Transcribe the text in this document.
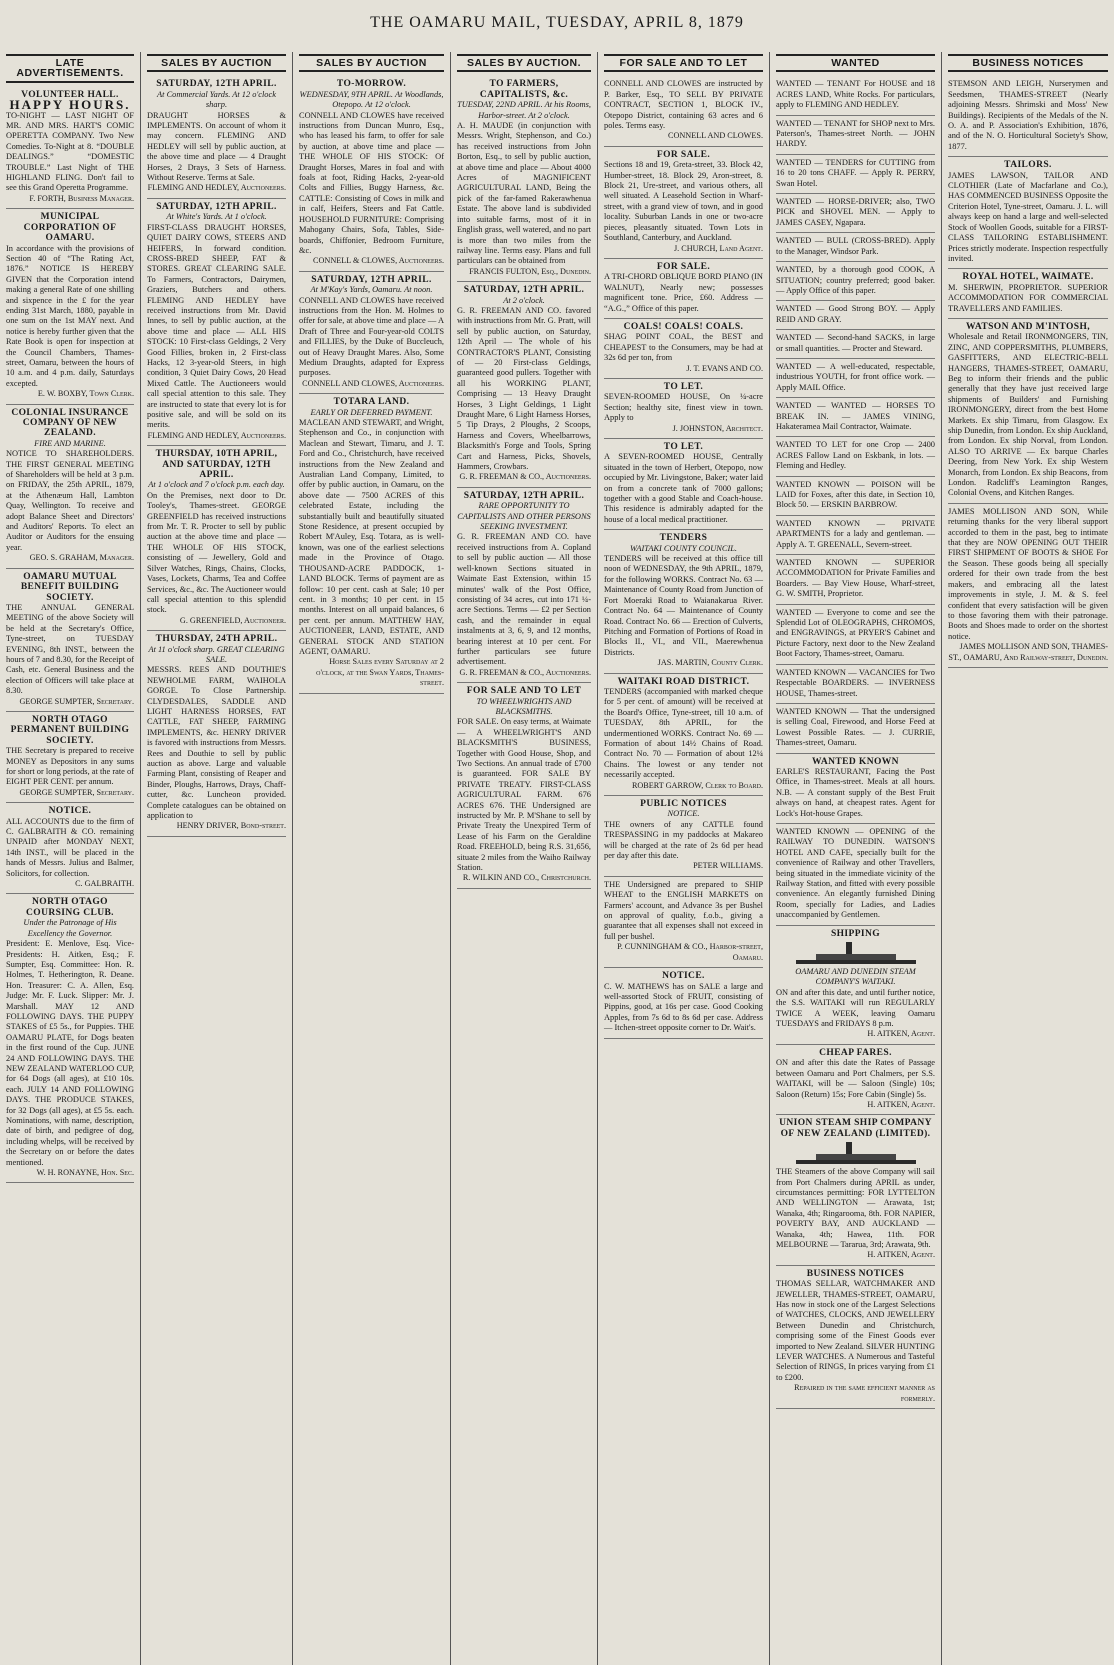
THE OAMARU MAIL, TUESDAY, APRIL 8, 1879
LATE ADVERTISEMENTS.
VOLUNTEER HALL.
HAPPY HOURS.
TO-NIGHT — LAST NIGHT OF MR. AND MRS. HART'S COMIC OPERETTA COMPANY. Two New Comedies. To-Night at 8. “DOUBLE DEALINGS.” “DOMESTIC TROUBLE.” Last Night of THE HIGHLAND FLING. Don't fail to see this Grand Operetta Programme.
F. FORTH, Business Manager.
MUNICIPAL CORPORATION OF OAMARU.
In accordance with the provisions of Section 40 of “The Rating Act, 1876.” NOTICE IS HEREBY GIVEN that the Corporation intend making a general Rate of one shilling and sixpence in the £ for the year ending 31st March, 1880, payable in one sum on the 1st MAY next. And notice is hereby further given that the Rate Book is open for inspection at the Council Chambers, Thames-street, Oamaru, between the hours of 10 a.m. and 4 p.m. daily, Saturdays excepted.
E. W. BOXBY, Town Clerk.
COLONIAL INSURANCE COMPANY OF NEW ZEALAND.
FIRE AND MARINE.
NOTICE TO SHAREHOLDERS. THE FIRST GENERAL MEETING of Shareholders will be held at 3 p.m. on FRIDAY, the 25th APRIL, 1879, at the Athenæum Hall, Lambton Quay, Wellington. To receive and adopt Balance Sheet and Directors' and Auditors' Reports. To elect an Auditor or Auditors for the ensuing year.
GEO. S. GRAHAM, Manager.
OAMARU MUTUAL BENEFIT BUILDING SOCIETY.
THE ANNUAL GENERAL MEETING of the above Society will be held at the Secretary's Office, Tyne-street, on TUESDAY EVENING, 8th INST., between the hours of 7 and 8.30, for the Receipt of Cash, etc. General Business and the election of Officers will take place at 8.30.
GEORGE SUMPTER, Secretary.
NORTH OTAGO PERMANENT BUILDING SOCIETY.
THE Secretary is prepared to receive MONEY as Depositors in any sums for short or long periods, at the rate of EIGHT PER CENT. per annum.
GEORGE SUMPTER, Secretary.
NOTICE.
ALL ACCOUNTS due to the firm of C. GALBRAITH & CO. remaining UNPAID after MONDAY NEXT, 14th INST., will be placed in the hands of Messrs. Julius and Balmer, Solicitors, for collection.
C. GALBRAITH.
NORTH OTAGO COURSING CLUB.
Under the Patronage of His Excellency the Governor.
President: E. Menlove, Esq. Vice-Presidents: H. Aitken, Esq.; F. Sumpter, Esq. Committee: Hon. R. Holmes, T. Hetherington, R. Deane. Hon. Treasurer: C. A. Allen, Esq. Judge: Mr. F. Luck. Slipper: Mr. J. Marshall. MAY 12 AND FOLLOWING DAYS. THE PUPPY STAKES of £5 5s., for Puppies. THE OAMARU PLATE, for Dogs beaten in the first round of the Cup. JUNE 24 AND FOLLOWING DAYS. THE NEW ZEALAND WATERLOO CUP, for 64 Dogs (all ages), at £10 10s. each. JULY 14 AND FOLLOWING DAYS. THE PRODUCE STAKES, for 32 Dogs (all ages), at £5 5s. each. Nominations, with name, description, date of birth, and pedigree of dog, including whelps, will be received by the Secretary on or before the dates mentioned.
W. H. RONAYNE, Hon. Sec.
SALES BY AUCTION
SATURDAY, 12TH APRIL.
At Commercial Yards. At 12 o'clock sharp.
DRAUGHT HORSES & IMPLEMENTS. On account of whom it may concern. FLEMING AND HEDLEY will sell by public auction, at the above time and place — 4 Draught Horses, 2 Drays, 3 Sets of Harness. Without Reserve. Terms at Sale.
FLEMING AND HEDLEY, Auctioneers.
SATURDAY, 12TH APRIL.
At White's Yards. At 1 o'clock.
FIRST-CLASS DRAUGHT HORSES, QUIET DAIRY COWS, STEERS AND HEIFERS, In forward condition. CROSS-BRED SHEEP, FAT & STORES. GREAT CLEARING SALE. To Farmers, Contractors, Dairymen, Graziers, Butchers and others. FLEMING AND HEDLEY have received instructions from Mr. David Innes, to sell by public auction, at the above time and place — ALL HIS STOCK: 10 First-class Geldings, 2 Very Good Fillies, broken in, 2 First-class Hacks, 12 3-year-old Steers, in high condition, 3 Quiet Dairy Cows, 20 Head Mixed Cattle. The Auctioneers would call special attention to this sale. They are instructed to state that every lot is for positive sale, and will be sold on its merits.
FLEMING AND HEDLEY, Auctioneers.
THURSDAY, 10TH APRIL, AND SATURDAY, 12TH APRIL.
At 1 o'clock and 7 o'clock p.m. each day.
On the Premises, next door to Dr. Tooley's, Thames-street. GEORGE GREENFIELD has received instructions from Mr. T. R. Procter to sell by public auction at the above time and place — THE WHOLE OF HIS STOCK, consisting of — Jewellery, Gold and Silver Watches, Rings, Chains, Clocks, Vases, Lockets, Charms, Tea and Coffee Services, &c., &c. The Auctioneer would call special attention to this splendid stock.
G. GREENFIELD, Auctioneer.
THURSDAY, 24TH APRIL.
At 11 o'clock sharp. GREAT CLEARING SALE.
MESSRS. REES AND DOUTHIE'S NEWHOLME FARM, WAIHOLA GORGE. To Close Partnership. CLYDESDALES, SADDLE AND LIGHT HARNESS HORSES, FAT CATTLE, FAT SHEEP, FARMING IMPLEMENTS, &c. HENRY DRIVER is favored with instructions from Messrs. Rees and Douthie to sell by public auction as above. Large and valuable Farming Plant, consisting of Reaper and Binder, Ploughs, Harrows, Drays, Chaff-cutter, &c. Luncheon provided. Complete catalogues can be obtained on application to
HENRY DRIVER, Bond-street.
SALES BY AUCTION
TO-MORROW.
WEDNESDAY, 9TH APRIL. At Woodlands, Otepopo. At 12 o'clock.
CONNELL AND CLOWES have received instructions from Duncan Munro, Esq., who has leased his farm, to offer for sale by auction, at above time and place — THE WHOLE OF HIS STOCK: Of Draught Horses, Mares in foal and with foals at foot, Riding Hacks, 2-year-old Colts and Fillies, Buggy Harness, &c. CATTLE: Consisting of Cows in milk and in calf, Heifers, Steers and Fat Cattle. HOUSEHOLD FURNITURE: Comprising Mahogany Chairs, Sofa, Tables, Side-boards, Chiffonier, Bedroom Furniture, &c.
CONNELL & CLOWES, Auctioneers.
SATURDAY, 12TH APRIL.
At M'Kay's Yards, Oamaru. At noon.
CONNELL AND CLOWES have received instructions from the Hon. M. Holmes to offer for sale, at above time and place — A Draft of Three and Four-year-old COLTS and FILLIES, by the Duke of Buccleuch, out of Heavy Draught Mares. Also, Some Medium Draughts, adapted for Express purposes.
CONNELL AND CLOWES, Auctioneers.
TOTARA LAND.
EARLY OR DEFERRED PAYMENT.
MACLEAN AND STEWART, and Wright, Stephenson and Co., in conjunction with Maclean and Stewart, Timaru, and J. T. Ford and Co., Christchurch, have received instructions from the New Zealand and Australian Land Company, Limited, to offer by public auction, in Oamaru, on the above date — 7500 ACRES of this celebrated Estate, including the substantially built and beautifully situated Stone Residence, at present occupied by Robert M'Auley, Esq. Totara, as is well-known, was one of the earliest selections made in the Province of Otago. THOUSAND-ACRE PADDOCK, 1-LAND BLOCK. Terms of payment are as follow: 10 per cent. cash at Sale; 10 per cent. in 3 months; 10 per cent. in 15 months. Interest on all unpaid balances, 6 per cent. per annum. MATTHEW HAY, AUCTIONEER, LAND, ESTATE, AND GENERAL STOCK AND STATION AGENT, OAMARU.
Horse Sales every Saturday at 2 o'clock, at the Swan Yards, Thames-street.
SALES BY AUCTION.
TO FARMERS, CAPITALISTS, &c.
TUESDAY, 22ND APRIL. At his Rooms, Harbor-street. At 2 o'clock.
A. H. MAUDE (in conjunction with Messrs. Wright, Stephenson, and Co.) has received instructions from John Borton, Esq., to sell by public auction, at above time and place — About 4000 Acres of MAGNIFICENT AGRICULTURAL LAND, Being the pick of the far-famed Rakerawhenua Estate. The above land is subdivided into suitable farms, most of it in English grass, well watered, and no part is more than two miles from the railway line. Terms easy. Plans and full particulars can be obtained from
FRANCIS FULTON, Esq., Dunedin.
SATURDAY, 12TH APRIL.
At 2 o'clock.
G. R. FREEMAN AND CO. favored with instructions from Mr. G. Pratt, will sell by public auction, on Saturday, 12th April — The whole of his CONTRACTOR'S PLANT, Consisting of — 20 First-class Geldings, guaranteed good pullers. Together with all his WORKING PLANT, Comprising — 13 Heavy Draught Horses, 3 Light Geldings, 1 Light Draught Mare, 6 Light Harness Horses, 5 Tip Drays, 2 Ploughs, 2 Scoops, Harness and Covers, Wheelbarrows, Blacksmith's Forge and Tools, Spring Cart and Harness, Picks, Shovels, Hammers, Crowbars.
G. R. FREEMAN & CO., Auctioneers.
SATURDAY, 12TH APRIL.
RARE OPPORTUNITY TO CAPITALISTS AND OTHER PERSONS SEEKING INVESTMENT.
G. R. FREEMAN AND CO. have received instructions from A. Copland to sell by public auction — All those well-known Sections situated in Waimate East Extension, within 15 minutes' walk of the Post Office, consisting of 34 acres, cut into 171 ¼-acre Sections. Terms — £2 per Section cash, and the remainder in equal instalments at 3, 6, 9, and 12 months, bearing interest at 10 per cent. For further particulars see future advertisement.
G. R. FREEMAN & CO., Auctioneers.
FOR SALE AND TO LET
TO WHEELWRIGHTS AND BLACKSMITHS.
FOR SALE. On easy terms, at Waimate — A WHEELWRIGHT'S AND BLACKSMITH'S BUSINESS, Together with Good House, Shop, and Two Sections. An annual trade of £700 is guaranteed. FOR SALE BY PRIVATE TREATY. FIRST-CLASS AGRICULTURAL FARM. 676 ACRES 676. THE Undersigned are instructed by Mr. P. M'Shane to sell by Private Treaty the Unexpired Term of Lease of his Farm on the Geraldine Road. FREEHOLD, being R.S. 31,656, situate 2 miles from the Waiho Railway Station.
R. WILKIN AND CO., Christchurch.
FOR SALE AND TO LET
CONNELL AND CLOWES are instructed by P. Barker, Esq., TO SELL BY PRIVATE CONTRACT, SECTION 1, BLOCK IV., Otepopo District, containing 63 acres and 6 poles. Terms easy.
CONNELL AND CLOWES.
FOR SALE.
Sections 18 and 19, Greta-street, 33. Block 42, Humber-street, 18. Block 29, Aron-street, 8. Block 21, Ure-street, and various others, all well situated. A Leasehold Section in Wharf-street, with a grand view of town, and in good locality. Suburban Lands in one or two-acre pieces, pleasantly situated. Town Lots in Southland, Canterbury, and Auckland.
J. CHURCH, Land Agent.
FOR SALE.
A TRI-CHORD OBLIQUE BORD PIANO (IN WALNUT), Nearly new; possesses magnificent tone. Price, £60. Address — “A.G.,” Office of this paper.
COALS! COALS! COALS.
SHAG POINT COAL, the BEST and CHEAPEST to the Consumers, may be had at 32s 6d per ton, from
J. T. EVANS AND CO.
TO LET.
SEVEN-ROOMED HOUSE, On ¼-acre Section; healthy site, finest view in town. Apply to
J. JOHNSTON, Architect.
TO LET.
A SEVEN-ROOMED HOUSE, Centrally situated in the town of Herbert, Otepopo, now occupied by Mr. Livingstone, Baker; water laid on from a concrete tank of 7000 gallons; together with a good Stable and Coach-house. This residence is admirably adapted for the house of a local medical practitioner.
TENDERS
WAITAKI COUNTY COUNCIL.
TENDERS will be received at this office till noon of WEDNESDAY, the 9th APRIL, 1879, for the following WORKS. Contract No. 63 — Maintenance of County Road from Junction of Fort Moeraki Road to Waianakarua River. Contract No. 64 — Maintenance of County Road. Contract No. 66 — Erection of Culverts, Pitching and Formation of Portions of Road in Blocks II., VI., and VII., Maerewhenua Districts.
JAS. MARTIN, County Clerk.
WAITAKI ROAD DISTRICT.
TENDERS (accompanied with marked cheque for 5 per cent. of amount) will be received at the Board's Office, Tyne-street, till 10 a.m. of TUESDAY, 8th APRIL, for the undermentioned WORKS. Contract No. 69 — Formation of about 14½ Chains of Road. Contract No. 70 — Formation of about 12¼ Chains. The lowest or any tender not necessarily accepted.
ROBERT GARROW, Clerk to Board.
PUBLIC NOTICES
NOTICE.
THE owners of any CATTLE found TRESPASSING in my paddocks at Makareo will be charged at the rate of 2s 6d per head per day after this date.
PETER WILLIAMS.
THE Undersigned are prepared to SHIP WHEAT to the ENGLISH MARKETS on Farmers' account, and Advance 3s per Bushel on approval of quality, f.o.b., giving a guarantee that all expenses shall not exceed in full per bushel.
P. CUNNINGHAM & CO., Harbor-street, Oamaru.
NOTICE.
C. W. MATHEWS has on SALE a large and well-assorted Stock of FRUIT, consisting of Pippins, good, at 16s per case. Good Cooking Apples, from 7s 6d to 8s 6d per case. Address — Itchen-street opposite corner to Dr. Wait's.
WANTED
WANTED — TENANT For HOUSE and 18 ACRES LAND, White Rocks. For particulars, apply to FLEMING AND HEDLEY.
WANTED — TENANT for SHOP next to Mrs. Paterson's, Thames-street North. — JOHN HARDY.
WANTED — TENDERS for CUTTING from 16 to 20 tons CHAFF. — Apply R. PERRY, Swan Hotel.
WANTED — HORSE-DRIVER; also, TWO PICK and SHOVEL MEN. — Apply to JAMES CASEY, Ngapara.
WANTED — BULL (CROSS-BRED). Apply to the Manager, Windsor Park.
WANTED, by a thorough good COOK, A SITUATION; country preferred; good baker. — Apply Office of this paper.
WANTED — Good Strong BOY. — Apply REID AND GRAY.
WANTED — Second-hand SACKS, in large or small quantities. — Procter and Steward.
WANTED — A well-educated, respectable, industrious YOUTH, for front office work. — Apply MAIL Office.
WANTED — WANTED — HORSES TO BREAK IN. — JAMES VINING, Hakateramea Mail Contractor, Waimate.
WANTED TO LET for one Crop — 2400 ACRES Fallow Land on Eskbank, in lots. — Fleming and Hedley.
WANTED KNOWN — POISON will be LAID for Foxes, after this date, in Section 10, Block 50. — ERSKIN BARBROW.
WANTED KNOWN — PRIVATE APARTMENTS for a lady and gentleman. — Apply A. T. GREENALL, Severn-street.
WANTED KNOWN — SUPERIOR ACCOMMODATION for Private Families and Boarders. — Bay View House, Wharf-street, G. W. SMITH, Proprietor.
WANTED — Everyone to come and see the Splendid Lot of OLEOGRAPHS, CHROMOS, and ENGRAVINGS, at PRYER'S Cabinet and Picture Factory, next door to the New Zealand Boot Factory, Thames-street, Oamaru.
WANTED KNOWN — VACANCIES for Two Respectable BOARDERS. — INVERNESS HOUSE, Thames-street.
WANTED KNOWN — That the undersigned is selling Coal, Firewood, and Horse Feed at Lowest Possible Rates. — J. CURRIE, Thames-street, Oamaru.
WANTED KNOWN
EARLE'S RESTAURANT, Facing the Post Office, in Thames-street. Meals at all hours. N.B. — A constant supply of the Best Fruit always on hand, at cheapest rates. Agent for Lock's Hot-house Grapes.
WANTED KNOWN — OPENING of the RAILWAY TO DUNEDIN. WATSON'S HOTEL AND CAFE, specially built for the convenience of Railway and other Travellers, being situated in the immediate vicinity of the Railway Station, and fitted with every possible convenience. An elegantly furnished Dining Room, specially for Ladies, and Ladies unaccompanied by Gentlemen.
SHIPPING
OAMARU AND DUNEDIN STEAM COMPANY'S WAITAKI.
ON and after this date, and until further notice, the S.S. WAITAKI will run REGULARLY TWICE A WEEK, leaving Oamaru TUESDAYS and FRIDAYS 8 p.m.
H. AITKEN, Agent.
CHEAP FARES.
ON and after this date the Rates of Passage between Oamaru and Port Chalmers, per S.S. WAITAKI, will be — Saloon (Single) 10s; Saloon (Return) 15s; Fore Cabin (Single) 5s.
H. AITKEN, Agent.
UNION STEAM SHIP COMPANY OF NEW ZEALAND (LIMITED).
THE Steamers of the above Company will sail from Port Chalmers during APRIL as under, circumstances permitting: FOR LYTTELTON AND WELLINGTON — Arawata, 1st; Wanaka, 4th; Ringarooma, 8th. FOR NAPIER, POVERTY BAY, AND AUCKLAND — Wanaka, 4th; Hawea, 11th. FOR MELBOURNE — Tararua, 3rd; Arawata, 9th.
H. AITKEN, Agent.
BUSINESS NOTICES
THOMAS SELLAR, WATCHMAKER AND JEWELLER, THAMES-STREET, OAMARU, Has now in stock one of the Largest Selections of WATCHES, CLOCKS, AND JEWELLERY Between Dunedin and Christchurch, comprising some of the Finest Goods ever imported to New Zealand. SILVER HUNTING LEVER WATCHES. A Numerous and Tasteful Selection of RINGS, In prices varying from £1 to £200.
Repaired in the same efficient manner as formerly.
BUSINESS NOTICES
STEMSON AND LEIGH, Nurserymen and Seedsmen, THAMES-STREET (Nearly adjoining Messrs. Shrimski and Moss' New Buildings). Recipients of the Medals of the N. O. A. and P. Association's Exhibition, 1876, and of the N. O. Horticultural Society's Show, 1877.
TAILORS.
JAMES LAWSON, TAILOR AND CLOTHIER (Late of Macfarlane and Co.), HAS COMMENCED BUSINESS Opposite the Criterion Hotel, Tyne-street, Oamaru. J. L. will always keep on hand a large and well-selected Stock of Woollen Goods, suitable for a FIRST-CLASS TAILORING ESTABLISHMENT. Prices strictly moderate. Inspection respectfully invited.
ROYAL HOTEL, WAIMATE.
M. SHERWIN, PROPRIETOR. SUPERIOR ACCOMMODATION FOR COMMERCIAL TRAVELLERS AND FAMILIES.
WATSON AND M'INTOSH,
Wholesale and Retail IRONMONGERS, TIN, ZINC, AND COPPERSMITHS, PLUMBERS, GASFITTERS, AND ELECTRIC-BELL HANGERS, THAMES-STREET, OAMARU, Beg to inform their friends and the public generally that they have just received large shipments of Builders' and Furnishing IRONMONGERY, direct from the best Home Markets. Ex ship Timaru, from Glasgow. Ex ship Dunedin, from London. Ex ship Auckland, from London. Ex ship Norval, from London. ALSO TO ARRIVE — Ex barque Charles Deering, from New York. Ex ship Western Monarch, from London. Ex ship Beacons, from London. Radcliff's Leamington Ranges, Colonial Ovens, and Kitchen Ranges.
JAMES MOLLISON AND SON, While returning thanks for the very liberal support accorded to them in the past, beg to intimate that they are NOW OPENING OUT THEIR FIRST SHIPMENT OF BOOTS & SHOE For the Season. These goods being all specially ordered for their own trade from the best makers, and embracing all the latest improvements in style, J. M. & S. feel confident that every satisfaction will be given to those favoring them with their patronage. Boots and Shoes made to order on the shortest notice.
JAMES MOLLISON AND SON, THAMES-ST., OAMARU, And Railway-street, Dunedin.
